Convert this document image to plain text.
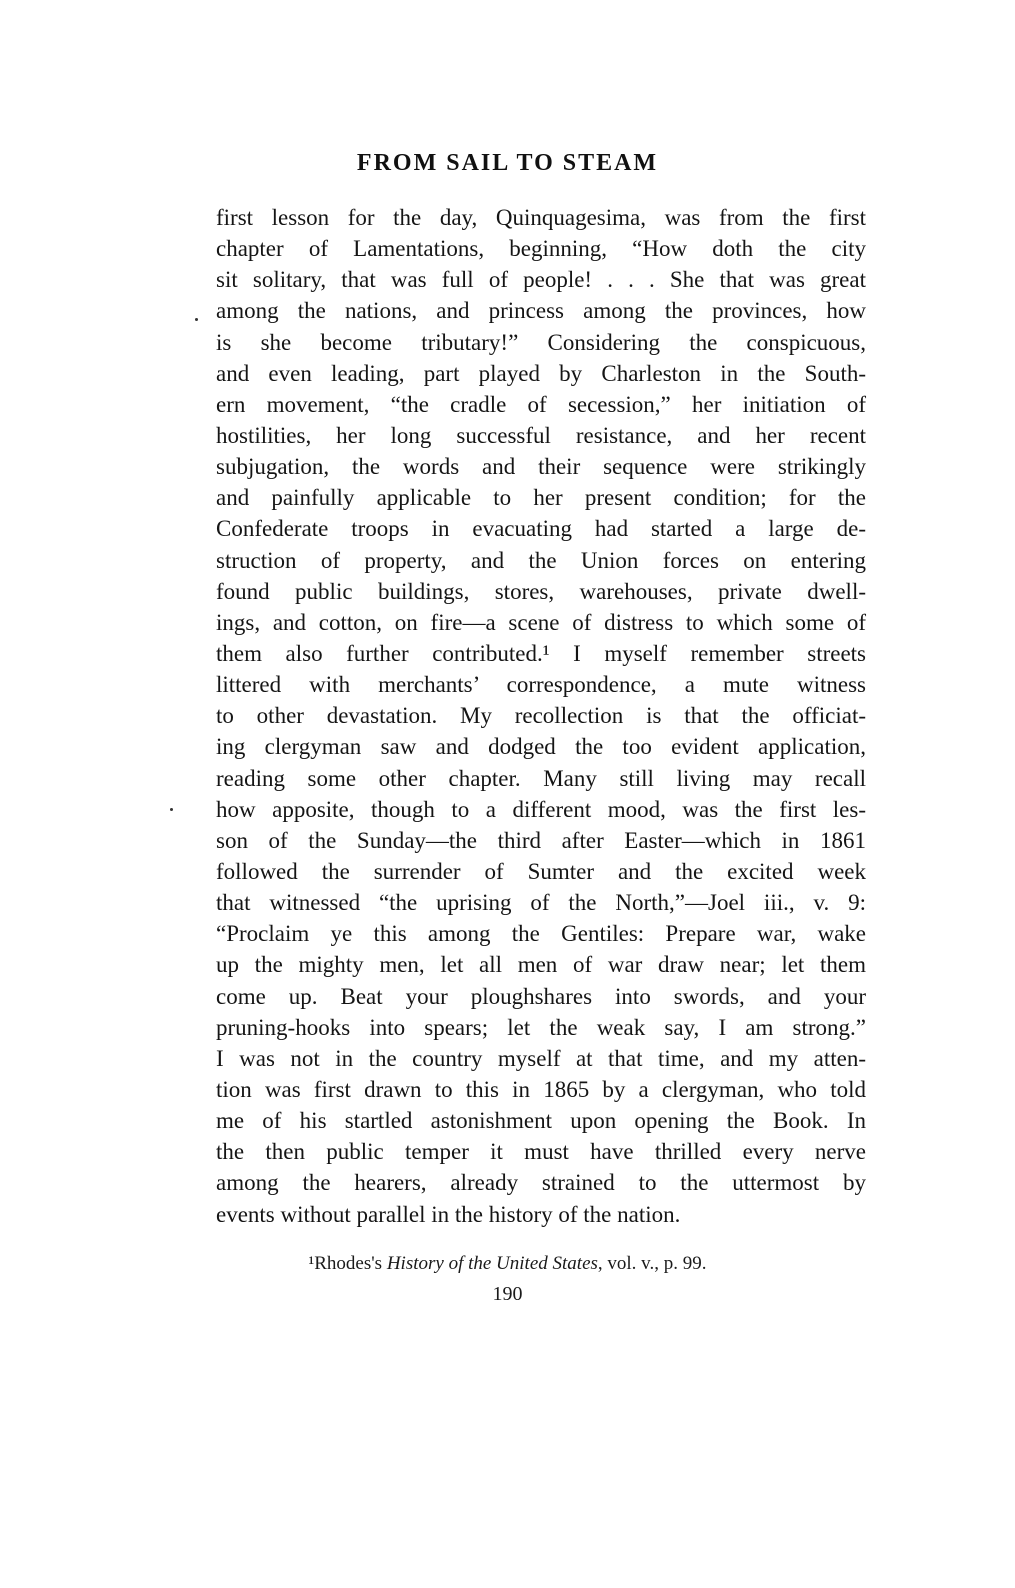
FROM SAIL TO STEAM
first lesson for the day, Quinquagesima, was from the first
chapter of Lamentations, beginning, “How doth the city
sit solitary, that was full of people! . . . She that was great
among the nations, and princess among the provinces, how
is she become tributary!” Considering the conspicuous,
and even leading, part played by Charleston in the South-
ern movement, “the cradle of secession,” her initiation of
hostilities, her long successful resistance, and her recent
subjugation, the words and their sequence were strikingly
and painfully applicable to her present condition; for the
Confederate troops in evacuating had started a large de-
struction of property, and the Union forces on entering
found public buildings, stores, warehouses, private dwell-
ings, and cotton, on fire—a scene of distress to which some of
them also further contributed.¹ I myself remember streets
littered with merchants’ correspondence, a mute witness
to other devastation. My recollection is that the officiat-
ing clergyman saw and dodged the too evident application,
reading some other chapter. Many still living may recall
how apposite, though to a different mood, was the first les-
son of the Sunday—the third after Easter—which in 1861
followed the surrender of Sumter and the excited week
that witnessed “the uprising of the North,”—Joel iii., v. 9:
“Proclaim ye this among the Gentiles: Prepare war, wake
up the mighty men, let all men of war draw near; let them
come up. Beat your ploughshares into swords, and your
pruning-hooks into spears; let the weak say, I am strong.”
I was not in the country myself at that time, and my atten-
tion was first drawn to this in 1865 by a clergyman, who told
me of his startled astonishment upon opening the Book. In
the then public temper it must have thrilled every nerve
among the hearers, already strained to the uttermost by
events without parallel in the history of the nation.
¹Rhodes's History of the United States, vol. v., p. 99.
190
